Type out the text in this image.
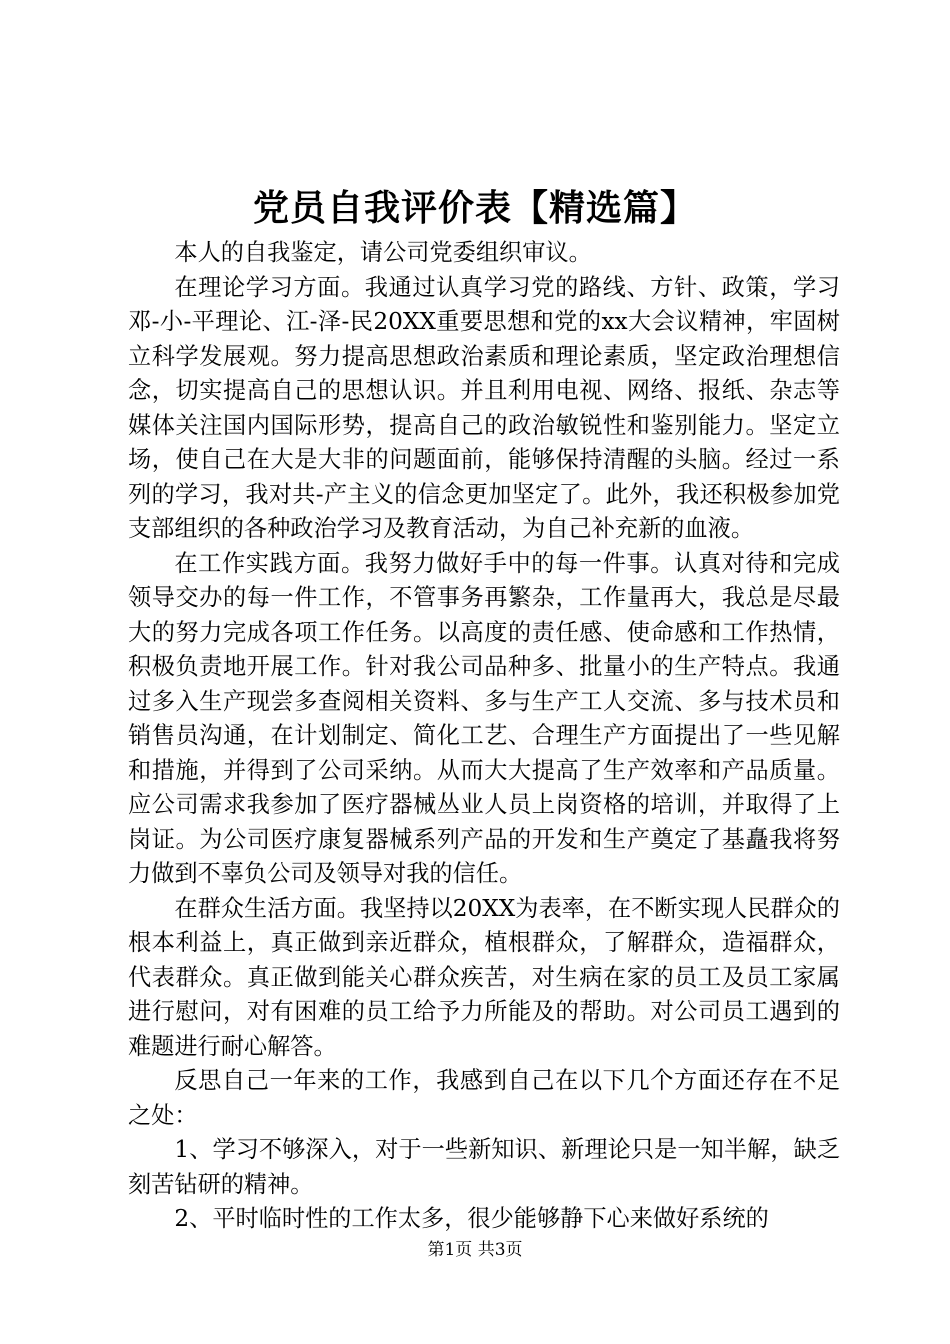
党员自我评价表【精选篇】

本人的自我鉴定，请公司党委组织审议。

在理论学习方面。我通过认真学习党的路线、方针、政策，学习邓-小-平理论、江-泽-民20XX重要思想和党的xx大会议精神，牢固树立科学发展观。努力提高思想政治素质和理论素质，坚定政治理想信念，切实提高自己的思想认识。并且利用电视、网络、报纸、杂志等媒体关注国内国际形势，提高自己的政治敏锐性和鉴别能力。坚定立场，使自己在大是大非的问题面前，能够保持清醒的头脑。经过一系列的学习，我对共-产主义的信念更加坚定了。此外，我还积极参加党支部组织的各种政治学习及教育活动，为自己补充新的血液。

在工作实践方面。我努力做好手中的每一件事。认真对待和完成领导交办的每一件工作，不管事务再繁杂，工作量再大，我总是尽最大的努力完成各项工作任务。以高度的责任感、使命感和工作热情，积极负责地开展工作。针对我公司品种多、批量小的生产特点。我通过多入生产现尝多查阅相关资料、多与生产工人交流、多与技术员和销售员沟通，在计划制定、简化工艺、合理生产方面提出了一些见解和措施，并得到了公司采纳。从而大大提高了生产效率和产品质量。应公司需求我参加了医疗器械丛业人员上岗资格的培训，并取得了上岗证。为公司医疗康复器械系列产品的开发和生产奠定了基矗我将努力做到不辜负公司及领导对我的信任。

在群众生活方面。我坚持以20XX为表率，在不断实现人民群众的根本利益上，真正做到亲近群众，植根群众，了解群众，造福群众，代表群众。真正做到能关心群众疾苦，对生病在家的员工及员工家属进行慰问，对有困难的员工给予力所能及的帮助。对公司员工遇到的难题进行耐心解答。

反思自己一年来的工作，我感到自己在以下几个方面还存在不足之处：

1、学习不够深入，对于一些新知识、新理论只是一知半解，缺乏刻苦钻研的精神。

2、平时临时性的工作太多，很少能够静下心来做好系统的

第1页 共3页
